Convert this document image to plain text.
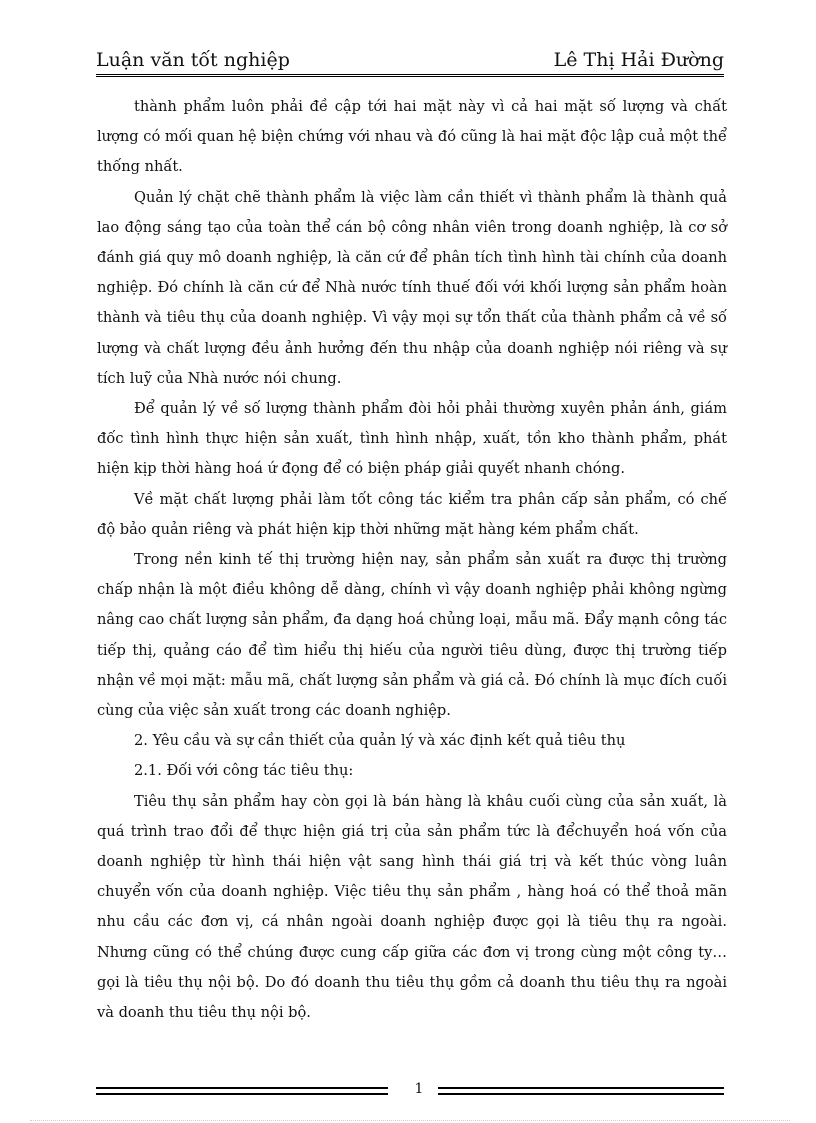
Luận văn tốt nghiệp	Lê Thị Hải Đường

thành phẩm luôn phải đề cập tới hai mặt này vì cả hai mặt số lượng và chất lượng có mối quan hệ biện chứng với nhau và đó cũng là hai mặt độc lập cuả một thể thống nhất.

Quản lý chặt chẽ thành phẩm là việc làm cần thiết vì thành phẩm là thành quả lao động sáng tạo của toàn thể cán bộ công nhân viên trong doanh nghiệp, là cơ sở đánh giá quy mô doanh nghiệp, là căn cứ để phân tích tình hình tài chính của doanh nghiệp. Đó chính là căn cứ để Nhà nước tính thuế đối với khối lượng sản phẩm hoàn thành và tiêu thụ của doanh nghiệp. Vì vậy mọi sự tổn thất của thành phẩm cả về số lượng và chất lượng đều ảnh hưởng đến thu nhập của doanh nghiệp nói riêng và sự tích luỹ của Nhà nước nói chung.

Để quản lý về số lượng thành phẩm đòi hỏi phải thường xuyên phản ánh, giám đốc tình hình thực hiện sản xuất, tình hình nhập, xuất, tồn kho thành phẩm, phát hiện kịp thời hàng hoá ứ đọng để có biện pháp giải quyết nhanh chóng.

Về mặt chất lượng phải làm tốt công tác kiểm tra phân cấp sản phẩm, có chế độ bảo quản riêng và phát hiện kịp thời những mặt hàng kém phẩm chất.

Trong nền kinh tế thị trường hiện nay, sản phẩm sản xuất ra được thị trường chấp nhận là một điều không dễ dàng, chính vì vậy doanh nghiệp phải không ngừng nâng cao chất lượng sản phẩm, đa dạng hoá chủng loại, mẫu mã. Đẩy mạnh công tác tiếp thị, quảng cáo để tìm hiểu thị hiếu của người tiêu dùng, được thị trường tiếp nhận về mọi mặt: mẫu mã, chất lượng sản phẩm và giá cả. Đó chính là mục đích cuối cùng của việc sản xuất trong các doanh nghiệp.

2. Yêu cầu và sự cần thiết của quản lý và xác định kết quả tiêu thụ

2.1. Đối với công tác tiêu thụ:

Tiêu thụ sản phẩm hay còn gọi là bán hàng là khâu cuối cùng của sản xuất, là quá trình trao đổi để thực hiện giá trị của sản phẩm tức là đểchuyển hoá vốn của doanh nghiệp từ hình thái hiện vật sang hình thái giá trị và kết thúc vòng luân chuyển vốn của doanh nghiệp. Việc tiêu thụ sản phẩm , hàng hoá có thể thoả mãn nhu cầu các đơn vị, cá nhân ngoài doanh nghiệp được gọi là tiêu thụ ra ngoài. Nhưng cũng có thể chúng được cung cấp giữa các đơn vị trong cùng một công ty… gọi là tiêu thụ nội bộ. Do đó doanh thu tiêu thụ gồm cả doanh thu tiêu thụ ra ngoài và doanh thu tiêu thụ nội bộ.

1
